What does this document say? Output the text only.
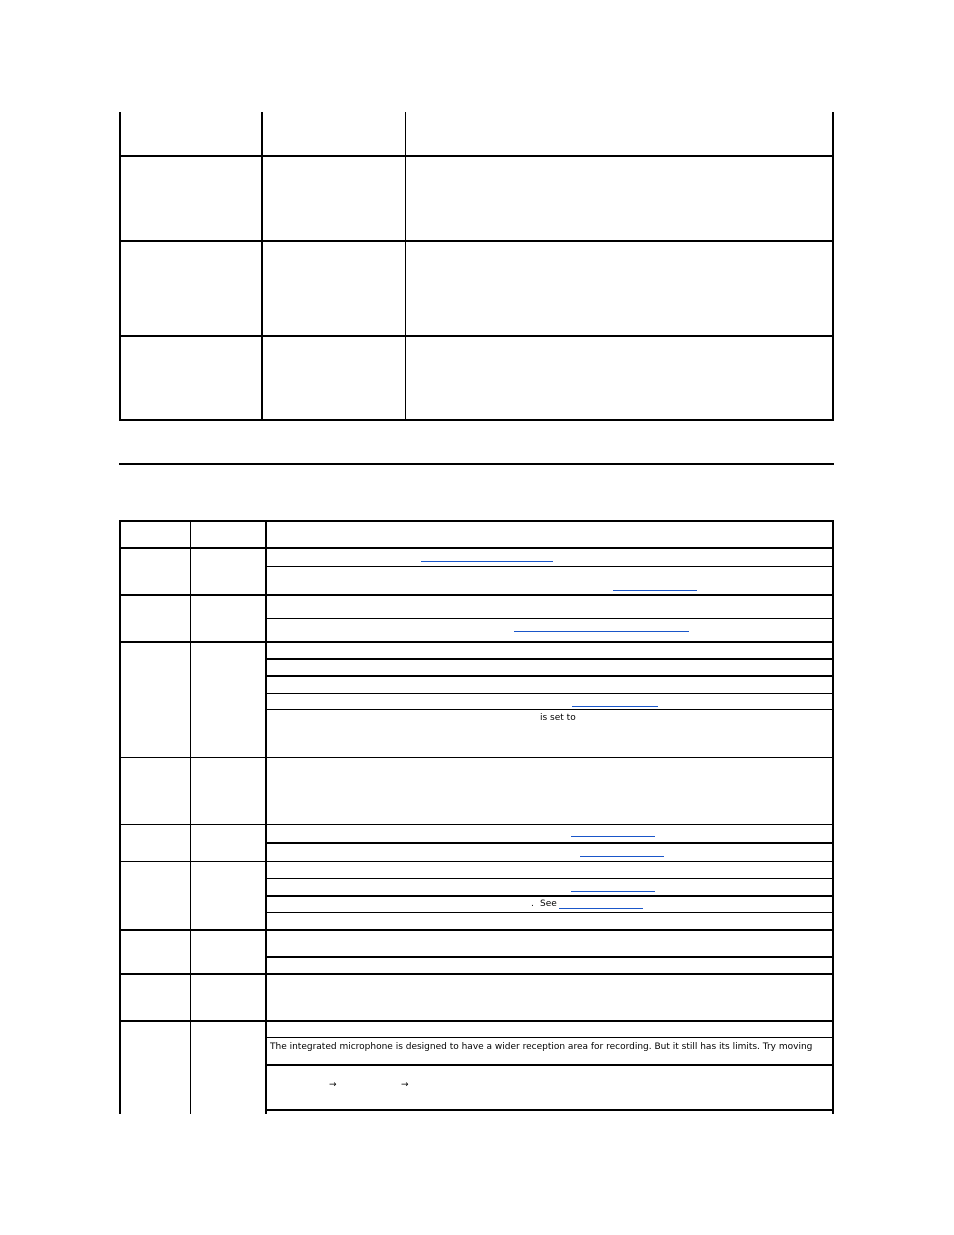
is set to
. See
The integrated microphone is designed to have a wider reception area for recording. But it still has its limits. Try moving
→	→
